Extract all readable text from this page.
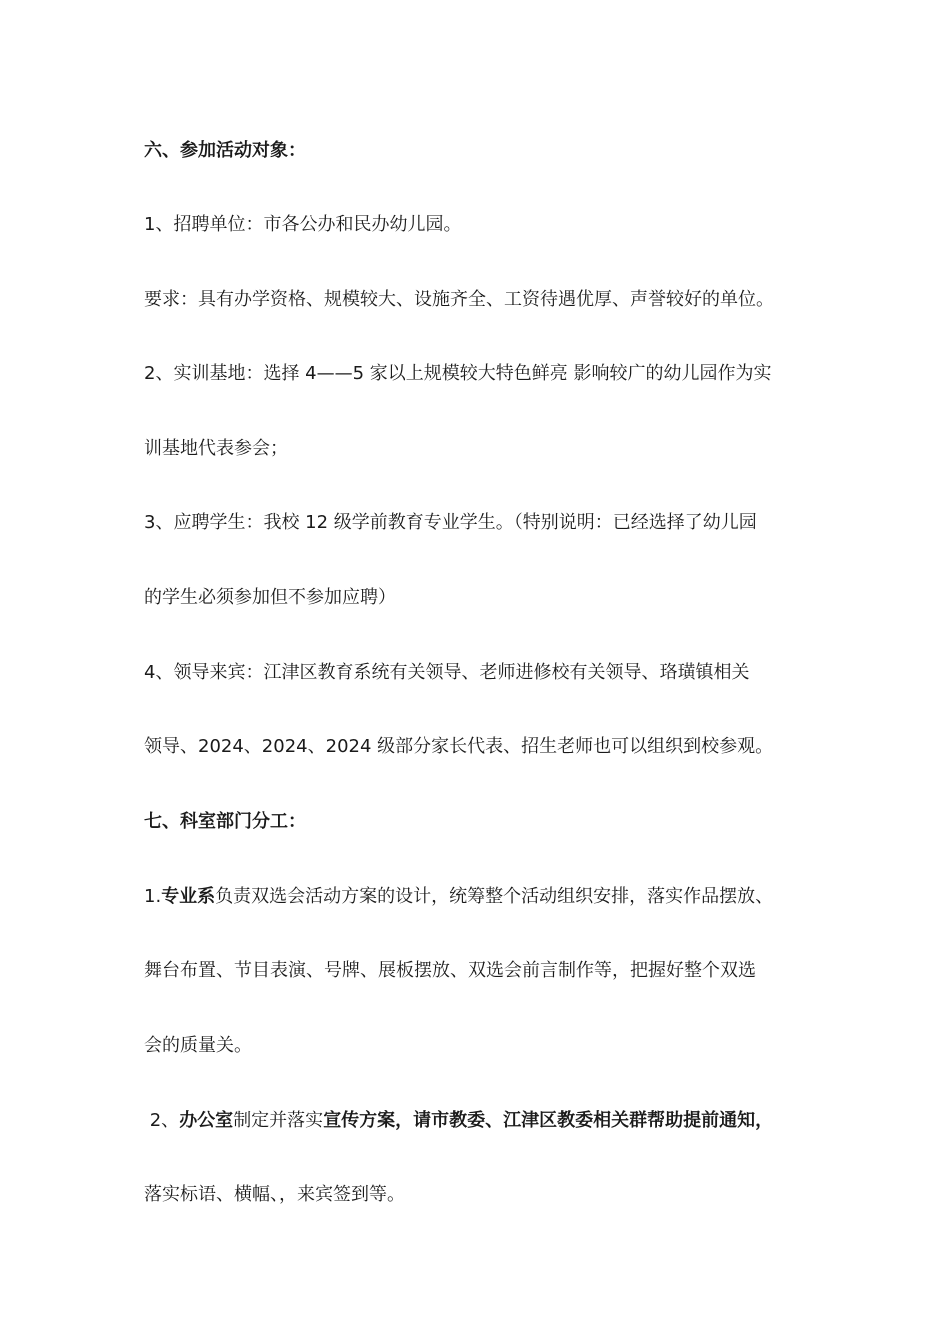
六、参加活动对象：
1、招聘单位：市各公办和民办幼儿园。
要求：具有办学资格、规模较大、设施齐全、工资待遇优厚、声誉较好的单位。
2、实训基地：选择 4——5 家以上规模较大特色鲜亮 影响较广的幼儿园作为实
训基地代表参会；
3、应聘学生：我校 12 级学前教育专业学生。（特别说明：已经选择了幼儿园
的学生必须参加但不参加应聘）
4、领导来宾：江津区教育系统有关领导、老师进修校有关领导、珞璜镇相关
领导、2024、2024、2024 级部分家长代表、招生老师也可以组织到校参观。
七、科室部门分工：
1.专业系负责双选会活动方案的设计，统筹整个活动组织安排，落实作品摆放、
舞台布置、节目表演、号牌、展板摆放、双选会前言制作等，把握好整个双选
会的质量关。
2、办公室制定并落实宣传方案，请市教委、江津区教委相关群帮助提前通知，
落实标语、横幅、，来宾签到等。
